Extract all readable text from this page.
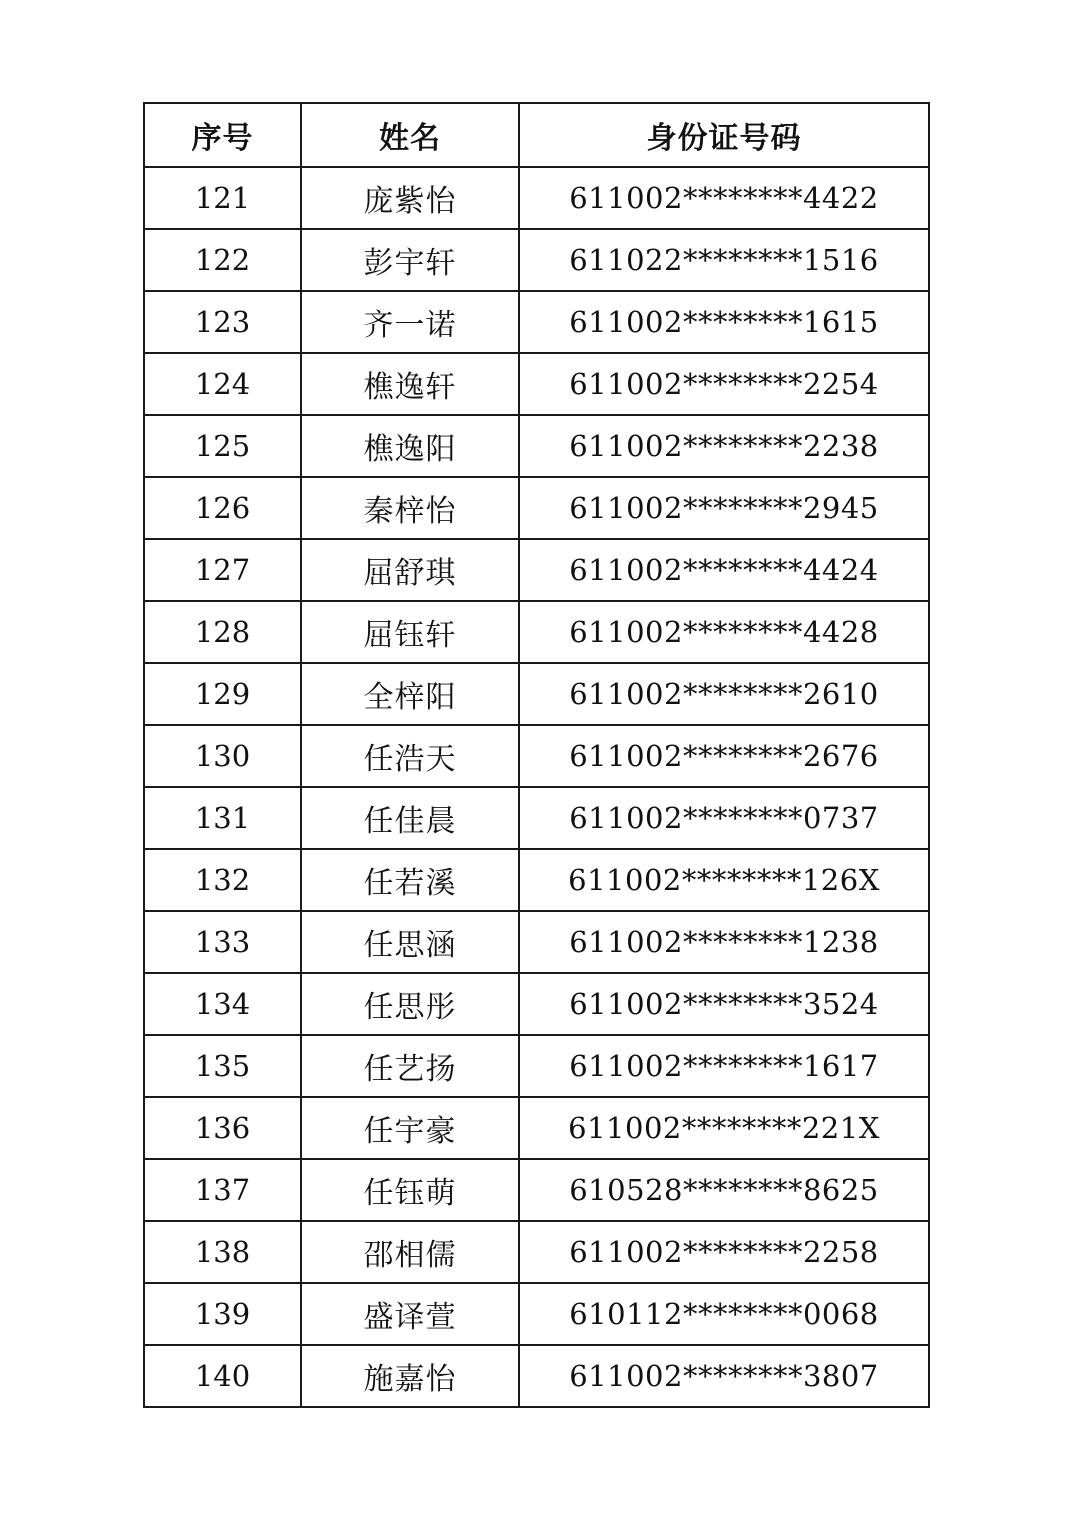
序号	姓名	身份证号码
121	庞紫怡	611002********4422
122	彭宇轩	611022********1516
123	齐一诺	611002********1615
124	樵逸轩	611002********2254
125	樵逸阳	611002********2238
126	秦梓怡	611002********2945
127	屈舒琪	611002********4424
128	屈钰轩	611002********4428
129	全梓阳	611002********2610
130	任浩天	611002********2676
131	任佳晨	611002********0737
132	任若溪	611002********126X
133	任思涵	611002********1238
134	任思彤	611002********3524
135	任艺扬	611002********1617
136	任宇豪	611002********221X
137	任钰萌	610528********8625
138	邵相儒	611002********2258
139	盛译萱	610112********0068
140	施嘉怡	611002********3807
